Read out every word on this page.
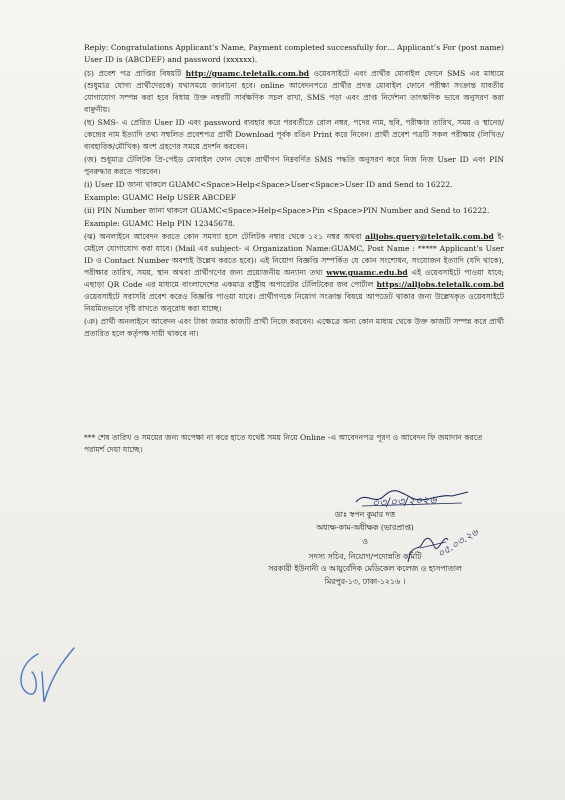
Reply: Congratulations Applicant’s Name, Payment completed successfully for… Applicant’s For (post name) User ID is (ABCDEF) and password (xxxxxx).

(চ) প্রবেশ পত্র প্রাপ্তির বিষয়টি http://guamc.teletalk.com.bd ওয়েবসাইটে এবং প্রার্থীর মোবাইল ফোনে SMS এর মাধ্যমে (শুধুমাত্র যোগ্য প্রার্থীদেরকে) যথাসময়ে জানানো হবে। online আবেদনপত্রে প্রার্থীর প্রদত্ত মোবাইল ফোনে পরীক্ষা সংক্রান্ত যাবতীয় যোগাযোগ সম্পন্ন করা হবে বিধায় উক্ত নম্বরটি সার্বক্ষণিক সচল রাখা, SMS পড়া এবং প্রাপ্ত নির্দেশনা তাৎক্ষণিক ভাবে অনুসরণ করা বাঞ্ছনীয়।

(ছ) SMS- এ প্রেরিত User ID এবং password ব্যবহার করে পরবর্তীতে রোল নম্বর, পদের নাম, ছবি, পরীক্ষার তারিখ, সময় ও স্থানের/কেন্দ্রের নাম ইত্যাদি তথ্য সম্বলিত প্রবেশপত্র প্রার্থী Download পূর্বক রঙিন Print করে নিবেন। প্রার্থী প্রবেশ পত্রটি সকল পরীক্ষায় (লিখিত/ব্যবহারিক/মৌখিক) অংশ গ্রহণের সময়ে প্রদর্শন করবেন।

(জ) শুধুমাত্র টেলিটক প্রি-পেইড মোবাইল ফোন থেকে প্রার্থীগণ নিম্নবর্ণিত SMS পদ্ধতি অনুসরণ করে নিজ নিজ User ID এবং PIN পুনরুদ্ধার করতে পারবেন।

(i) User ID জানা থাকলে GUAMC<Space>Help<Space>User<Space>User ID and Send to 16222.

Example: GUAMC Help USER ABCDEF

(ii) PIN Number জানা থাকলে GUAMC<Space>Help<Space>Pin <Space>PIN Number and Send to 16222.

Example: GUAMC Help PIN 12345678.

(ঝ) অনলাইনে আবেদন করতে কোন সমস্যা হলে টেলিটক নম্বার থেকে ১২১ নম্বর অথবা alljobs.query@teletalk.com.bd ই-মেইলে যোগাযোগ করা যাবে। (Mail এর subject- এ Organization Name:GUAMC, Post Name : ***** Applicant’s User ID ও Contact Number অবশ্যই উল্লেখ করতে হবে)। এই নিয়োগ বিজ্ঞপ্তি সম্পর্কিত যে কোন সংশোধন, সংযোজন ইত্যাদি (যদি থাকে), পরীক্ষার তারিখ, সময়, স্থান অথবা প্রার্থীগণের জন্য প্রয়োজনীয় অন্যান্য তথ্য www.guamc.edu.bd এই ওয়েবসাইটে পাওয়া যাবে; এছাড়া QR Code এর মাধ্যমে বাংলাদেশের একমাত্র রাষ্ট্রীয় অপারেটর টেলিটকের জব পোর্টাল https://alljobs.teletalk.com.bd ওয়েবসাইটে সরাসরি প্রবেশ করেও বিজ্ঞপ্তি পাওয়া যাবে। প্রার্থীগণকে নিয়োগ সংক্রান্ত বিষয়ে আপডেট থাকার জন্য উল্লেখকৃত ওয়েবসাইটে নিয়মিতভাবে দৃষ্টি রাখতে অনুরোধ করা যাচ্ছে।

(ঞ) প্রার্থী অনলাইনে আবেদন এবং টাকা জমার কাজটি প্রার্থী নিজে করবেন। এক্ষেত্রে অন্য কোন মাধ্যম থেকে উক্ত কাজটি সম্পন্ন করে প্রার্থী প্রতারিত হলে কর্তৃপক্ষ দায়ী থাকবে না।

*** শেষ তারিখ ও সময়ের জন্য অপেক্ষা না করে হাতে যথেষ্ট সময় নিয়ে Online -এ আবেদনপত্র পূরণ ও আবেদন ফি জমাদান করতে পরামর্শ দেয়া যাচ্ছে।
০৩/০৩/২০২৬
ডাঃ স্বপন কুমার দত্ত
অধ্যক্ষ-কাম-অধীক্ষক (ভারপ্রাপ্ত)
ও
সদস্য সচিব, নিয়োগ/পদোন্নতি কমিটি
সরকারী ইউনানী ও আয়ুর্বেদিক মেডিকেল কলেজ ও হাসপাতাল
মিরপুর-১৩, ঢাকা-১২১৬ ।
০৫.০৩.২৬
